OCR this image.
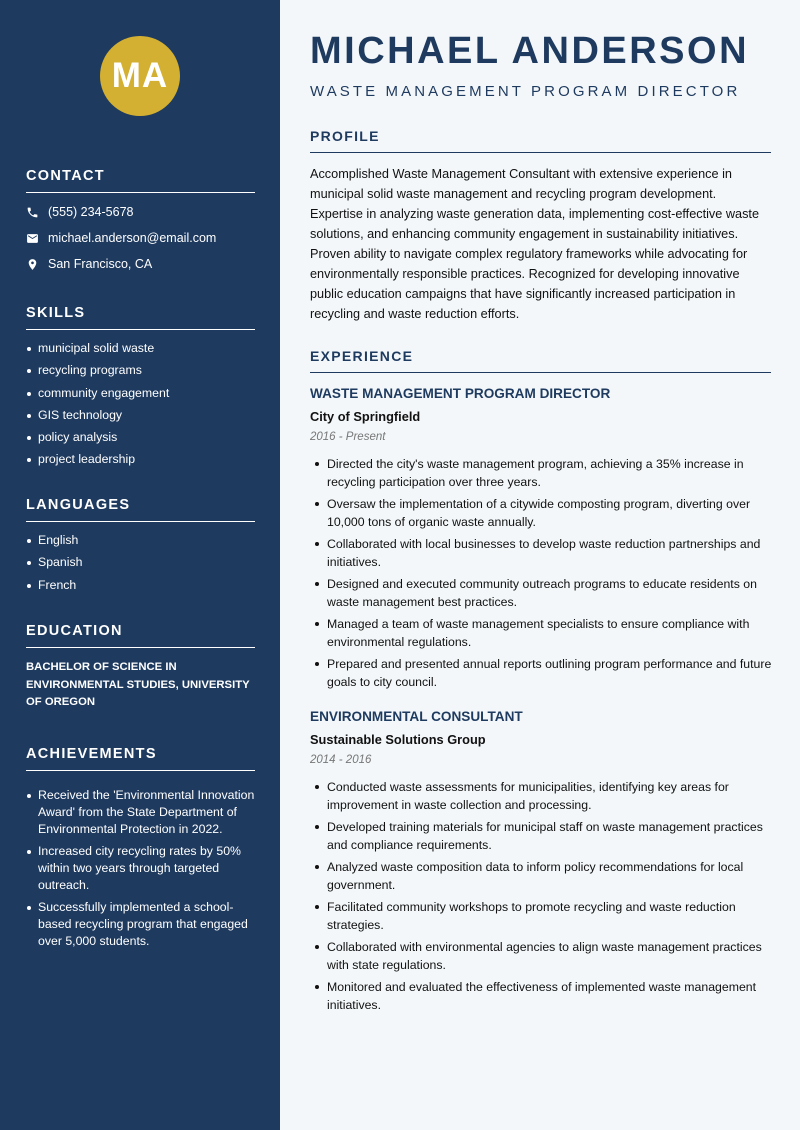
MA
CONTACT
(555) 234-5678
michael.anderson@email.com
San Francisco, CA
SKILLS
municipal solid waste
recycling programs
community engagement
GIS technology
policy analysis
project leadership
LANGUAGES
English
Spanish
French
EDUCATION
BACHELOR OF SCIENCE IN ENVIRONMENTAL STUDIES, UNIVERSITY OF OREGON
ACHIEVEMENTS
Received the 'Environmental Innovation Award' from the State Department of Environmental Protection in 2022.
Increased city recycling rates by 50% within two years through targeted outreach.
Successfully implemented a school-based recycling program that engaged over 5,000 students.
MICHAEL ANDERSON
WASTE MANAGEMENT PROGRAM DIRECTOR
PROFILE

Accomplished Waste Management Consultant with extensive experience in municipal solid waste management and recycling program development. Expertise in analyzing waste generation data, implementing cost-effective waste solutions, and enhancing community engagement in sustainability initiatives. Proven ability to navigate complex regulatory frameworks while advocating for environmentally responsible practices. Recognized for developing innovative public education campaigns that have significantly increased participation in recycling and waste reduction efforts.

EXPERIENCE
WASTE MANAGEMENT PROGRAM DIRECTOR
City of Springfield
2016 - Present
Directed the city's waste management program, achieving a 35% increase in recycling participation over three years.
Oversaw the implementation of a citywide composting program, diverting over 10,000 tons of organic waste annually.
Collaborated with local businesses to develop waste reduction partnerships and initiatives.
Designed and executed community outreach programs to educate residents on waste management best practices.
Managed a team of waste management specialists to ensure compliance with environmental regulations.
Prepared and presented annual reports outlining program performance and future goals to city council.
ENVIRONMENTAL CONSULTANT
Sustainable Solutions Group
2014 - 2016
Conducted waste assessments for municipalities, identifying key areas for improvement in waste collection and processing.
Developed training materials for municipal staff on waste management practices and compliance requirements.
Analyzed waste composition data to inform policy recommendations for local government.
Facilitated community workshops to promote recycling and waste reduction strategies.
Collaborated with environmental agencies to align waste management practices with state regulations.
Monitored and evaluated the effectiveness of implemented waste management initiatives.
